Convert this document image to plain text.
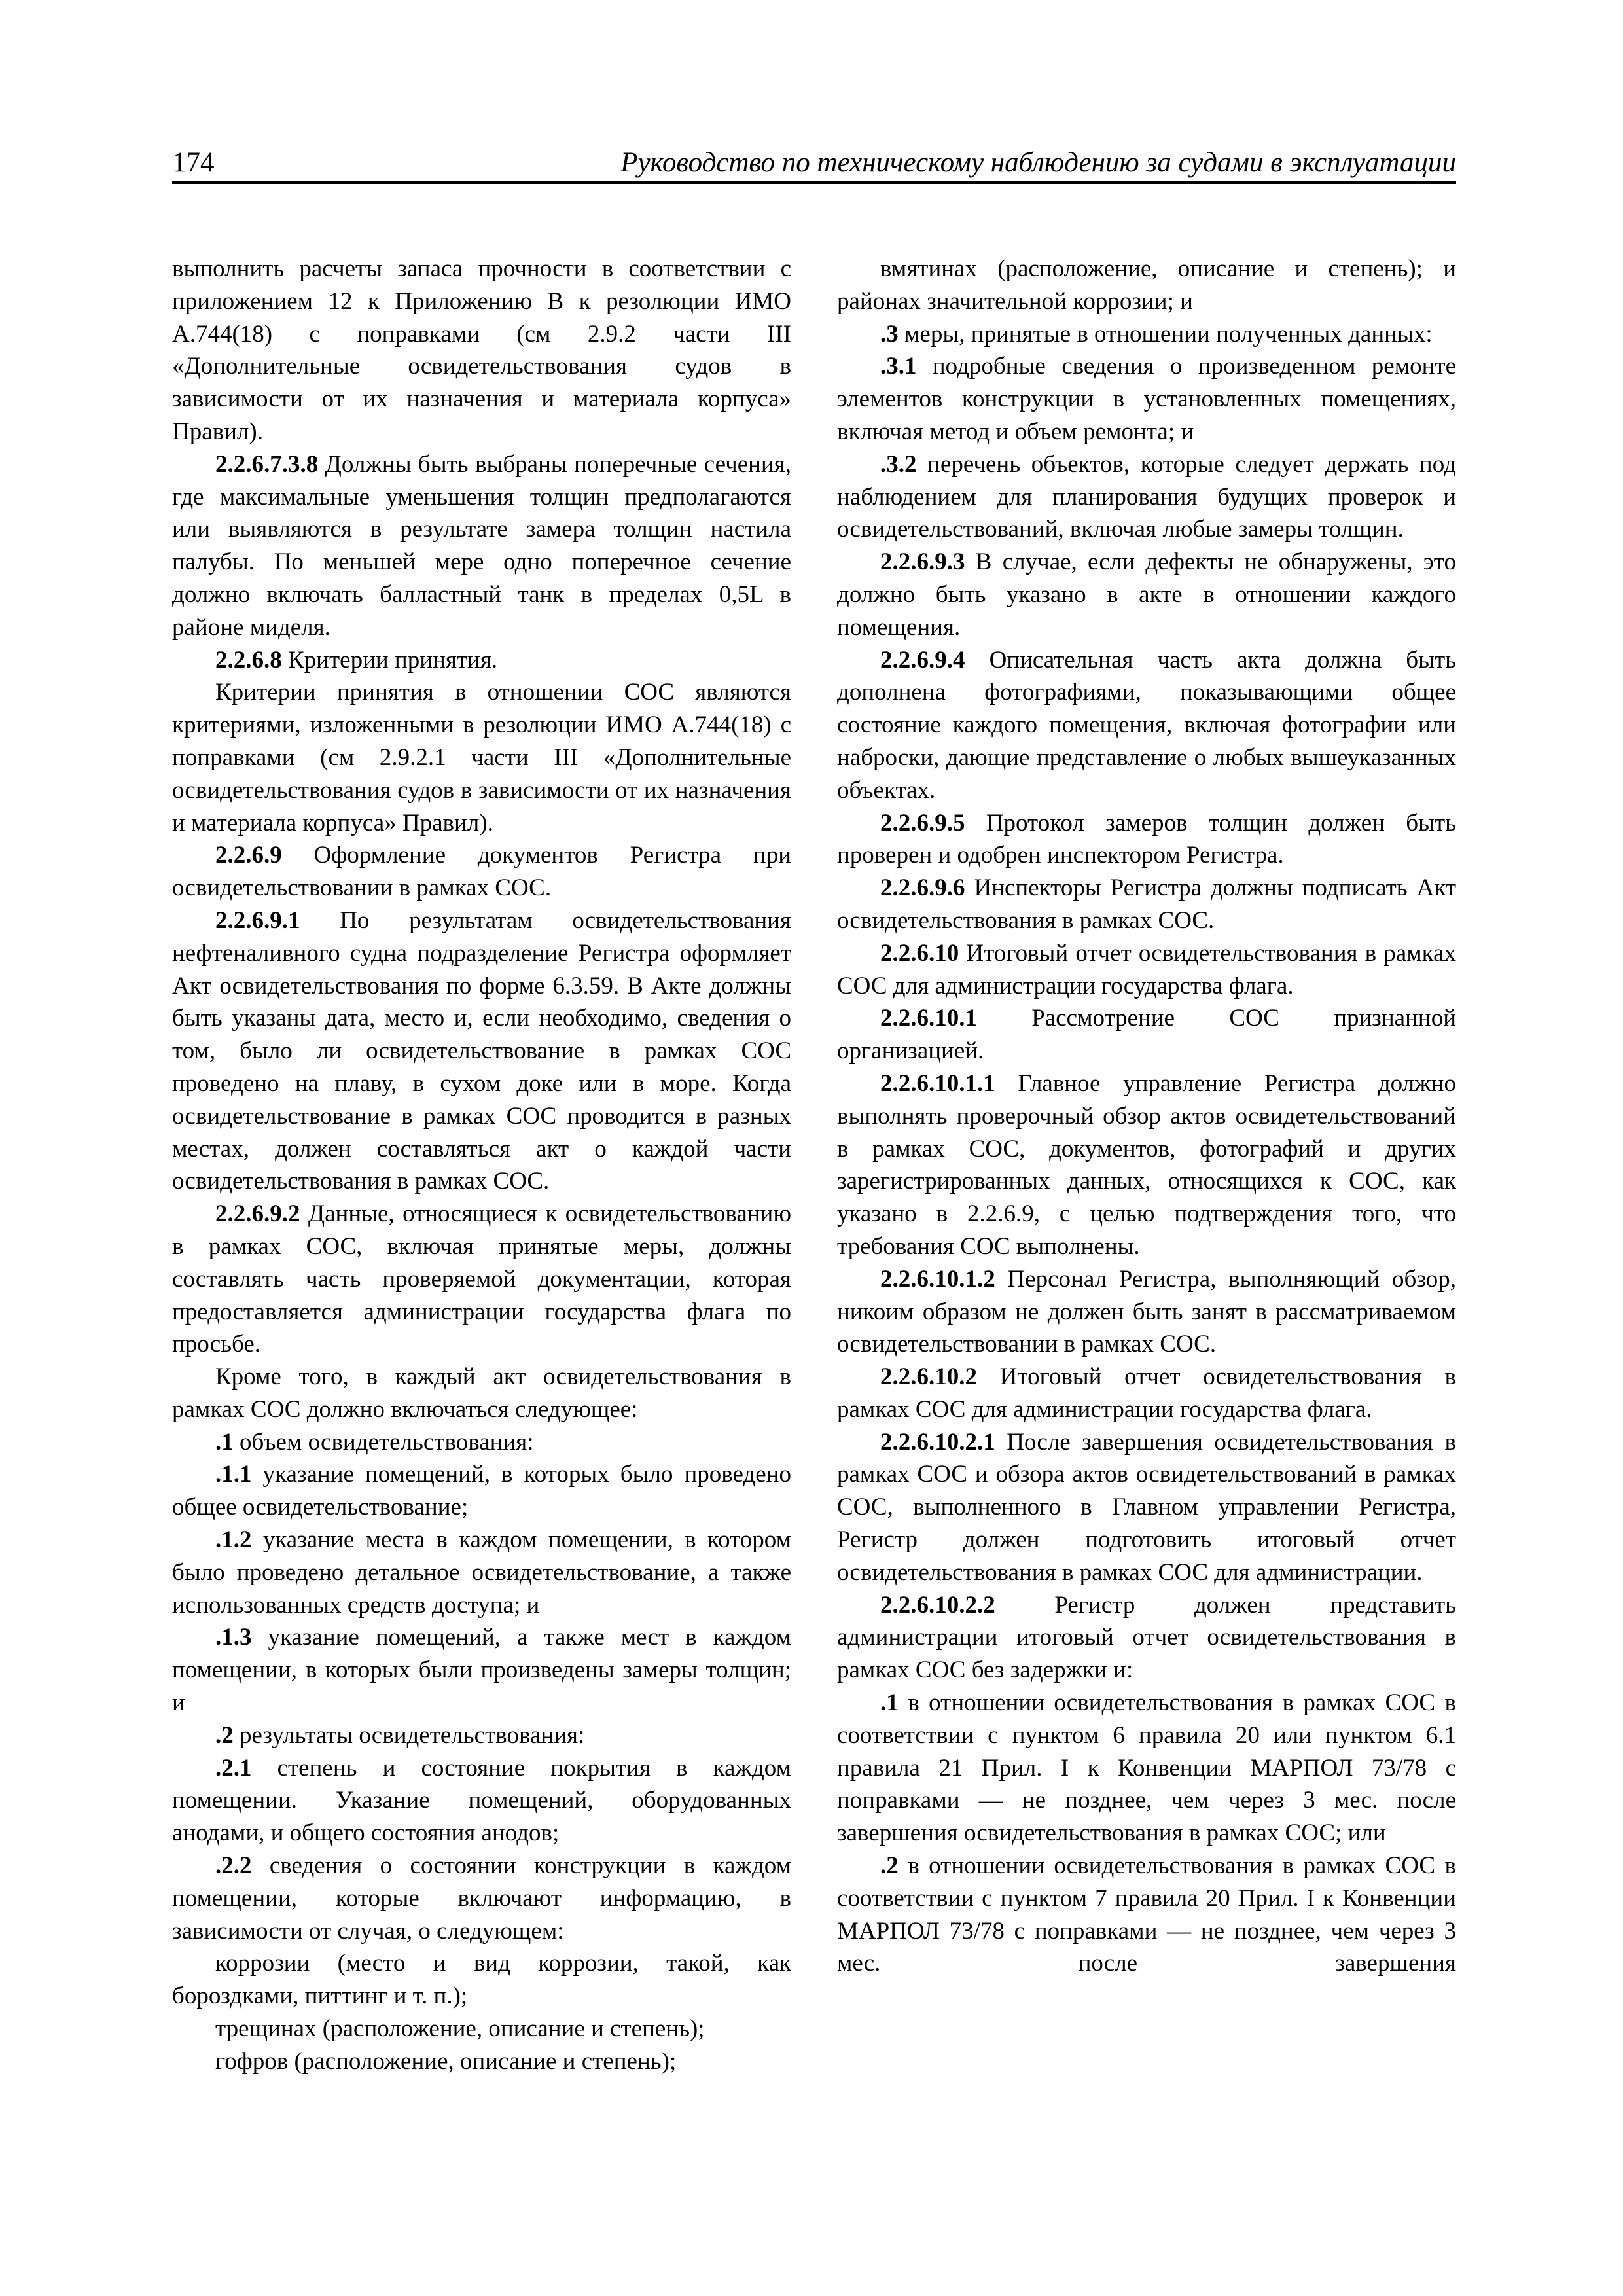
174	Руководство по техническому наблюдению за судами в эксплуатации

выполнить расчеты запаса прочности в соответствии с приложением 12 к Приложению В к резолюции ИМО А.744(18) с поправками (см 2.9.2 части III «Дополнительные освидетельствования судов в зависимости от их назначения и материала корпуса» Правил).

2.2.6.7.3.8 Должны быть выбраны поперечные сечения, где максимальные уменьшения толщин предполагаются или выявляются в результате замера толщин настила палубы. По меньшей мере одно поперечное сечение должно включать балластный танк в пределах 0,5L в районе миделя.

2.2.6.8 Критерии принятия.

Критерии принятия в отношении СОС являются критериями, изложенными в резолюции ИМО А.744(18) с поправками (см 2.9.2.1 части III «Дополнительные освидетельствования судов в зависимости от их назначения и материала корпуса» Правил).

2.2.6.9 Оформление документов Регистра при освидетельствовании в рамках СОС.

2.2.6.9.1 По результатам освидетельствования нефтеналивного судна подразделение Регистра оформляет Акт освидетельствования по форме 6.3.59. В Акте должны быть указаны дата, место и, если необходимо, сведения о том, было ли освидетельствование в рамках СОС проведено на плаву, в сухом доке или в море. Когда освидетельствование в рамках СОС проводится в разных местах, должен составляться акт о каждой части освидетельствования в рамках СОС.

2.2.6.9.2 Данные, относящиеся к освидетельствованию в рамках СОС, включая принятые меры, должны составлять часть проверяемой документации, которая предоставляется администрации государства флага по просьбе.

Кроме того, в каждый акт освидетельствования в рамках СОС должно включаться следующее:

.1 объем освидетельствования:

.1.1 указание помещений, в которых было проведено общее освидетельствование;

.1.2 указание места в каждом помещении, в котором было проведено детальное освидетельствование, а также использованных средств доступа; и

.1.3 указание помещений, а также мест в каждом помещении, в которых были произведены замеры толщин; и

.2 результаты освидетельствования:

.2.1 степень и состояние покрытия в каждом помещении. Указание помещений, оборудованных анодами, и общего состояния анодов;

.2.2 сведения о состоянии конструкции в каждом помещении, которые включают информацию, в зависимости от случая, о следующем:

коррозии (место и вид коррозии, такой, как бороздками, питтинг и т. п.);

трещинах (расположение, описание и степень);

гофров (расположение, описание и степень);

вмятинах (расположение, описание и степень); и районах значительной коррозии; и

.3 меры, принятые в отношении полученных данных:

.3.1 подробные сведения о произведенном ремонте элементов конструкции в установленных помещениях, включая метод и объем ремонта; и

.3.2 перечень объектов, которые следует держать под наблюдением для планирования будущих проверок и освидетельствований, включая любые замеры толщин.

2.2.6.9.3 В случае, если дефекты не обнаружены, это должно быть указано в акте в отношении каждого помещения.

2.2.6.9.4 Описательная часть акта должна быть дополнена фотографиями, показывающими общее состояние каждого помещения, включая фотографии или наброски, дающие представление о любых вышеуказанных объектах.

2.2.6.9.5 Протокол замеров толщин должен быть проверен и одобрен инспектором Регистра.

2.2.6.9.6 Инспекторы Регистра должны подписать Акт освидетельствования в рамках СОС.

2.2.6.10 Итоговый отчет освидетельствования в рамках СОС для администрации государства флага.

2.2.6.10.1 Рассмотрение СОС признанной организацией.

2.2.6.10.1.1 Главное управление Регистра должно выполнять проверочный обзор актов освидетельствований в рамках СОС, документов, фотографий и других зарегистрированных данных, относящихся к СОС, как указано в 2.2.6.9, с целью подтверждения того, что требования СОС выполнены.

2.2.6.10.1.2 Персонал Регистра, выполняющий обзор, никоим образом не должен быть занят в рассматриваемом освидетельствовании в рамках СОС.

2.2.6.10.2 Итоговый отчет освидетельствования в рамках СОС для администрации государства флага.

2.2.6.10.2.1 После завершения освидетельствования в рамках СОС и обзора актов освидетельствований в рамках СОС, выполненного в Главном управлении Регистра, Регистр должен подготовить итоговый отчет освидетельствования в рамках СОС для администрации.

2.2.6.10.2.2 Регистр должен представить администрации итоговый отчет освидетельствования в рамках СОС без задержки и:

.1 в отношении освидетельствования в рамках СОС в соответствии с пунктом 6 правила 20 или пунктом 6.1 правила 21 Прил. I к Конвенции МАРПОЛ 73/78 с поправками — не позднее, чем через 3 мес. после завершения освидетельствования в рамках СОС; или

.2 в отношении освидетельствования в рамках СОС в соответствии с пунктом 7 правила 20 Прил. I к Конвенции МАРПОЛ 73/78 с поправками — не позднее, чем через 3 мес. после завершения
